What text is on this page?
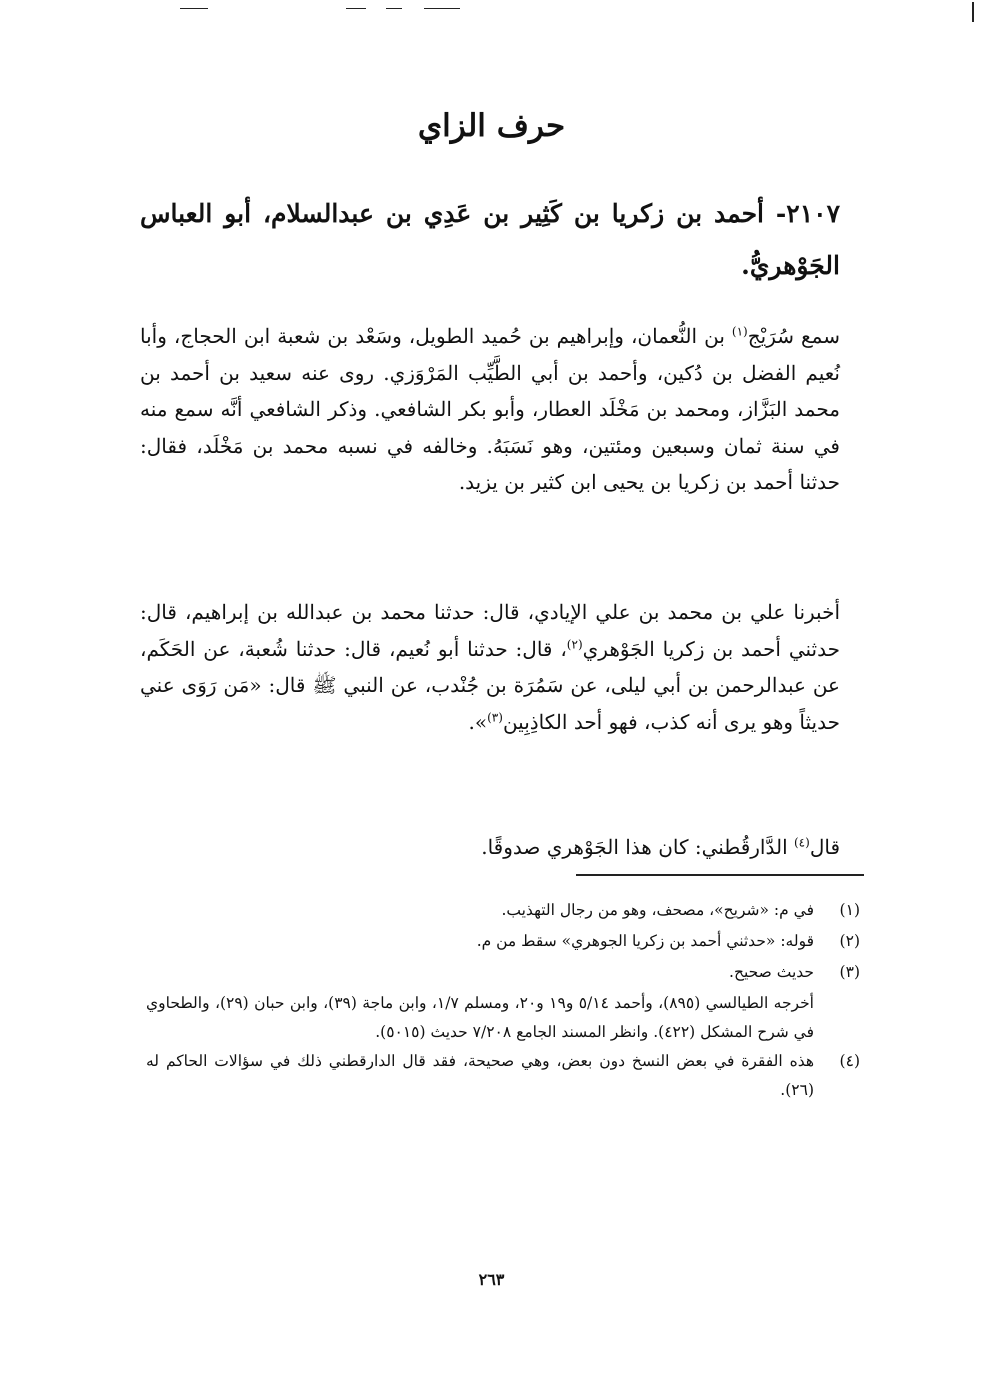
حرف الزاي

٢١٠٧- أحمد بن زكريا بن كَثِير بن عَدِي بن عبدالسلام، أبو العباس الجَوْهريُّ.

سمع سُرَيْج$^{(١)}$ بن النُّعمان، وإبراهيم بن حُميد الطويل، وسَعْد بن شعبة ابن الحجاج، وأبا نُعيم الفضل بن دُكين، وأحمد بن أبي الطَّيِّب المَرْوَزي. روى عنه سعيد بن أحمد بن محمد البَزَّاز، ومحمد بن مَخْلَد العطار، وأبو بكر الشافعي. وذكر الشافعي أنَّه سمع منه في سنة ثمان وسبعين ومئتين، وهو نَسَبَهُ. وخالفه في نسبه محمد بن مَخْلَد، فقال: حدثنا أحمد بن زكريا بن يحيى ابن كثير بن يزيد.

أخبرنا علي بن محمد بن علي الإيادي، قال: حدثنا محمد بن عبدالله بن إبراهيم، قال: حدثني أحمد بن زكريا الجَوْهري$^{(٢)}$، قال: حدثنا أبو نُعيم، قال: حدثنا شُعبة، عن الحَكَم، عن عبدالرحمن بن أبي ليلى، عن سَمُرَة بن جُنْدب، عن النبي ﷺ قال: «مَن رَوَى عني حديثاً وهو يرى أنه كذب، فهو أحد الكاذِبِين$^{(٣)}$».

قال$^{(٤)}$ الدَّارقُطني: كان هذا الجَوْهري صدوقًا.

(١)
في م: «شريح»، مصحف، وهو من رجال التهذيب.
(٢)
قوله: «حدثني أحمد بن زكريا الجوهري» سقط من م.
(٣)
حديث صحيح.
أخرجه الطيالسي (٨٩٥)، وأحمد ٥/١٤ و١٩ و٢٠، ومسلم ١/٧، وابن ماجة (٣٩)، وابن حبان (٢٩)، والطحاوي في شرح المشكل (٤٢٢). وانظر المسند الجامع ٧/٢٠٨ حديث (٥٠١٥).
(٤)
هذه الفقرة في بعض النسخ دون بعض، وهي صحيحة، فقد قال الدارقطني ذلك في سؤالات الحاكم له (٢٦).
٢٦٣
